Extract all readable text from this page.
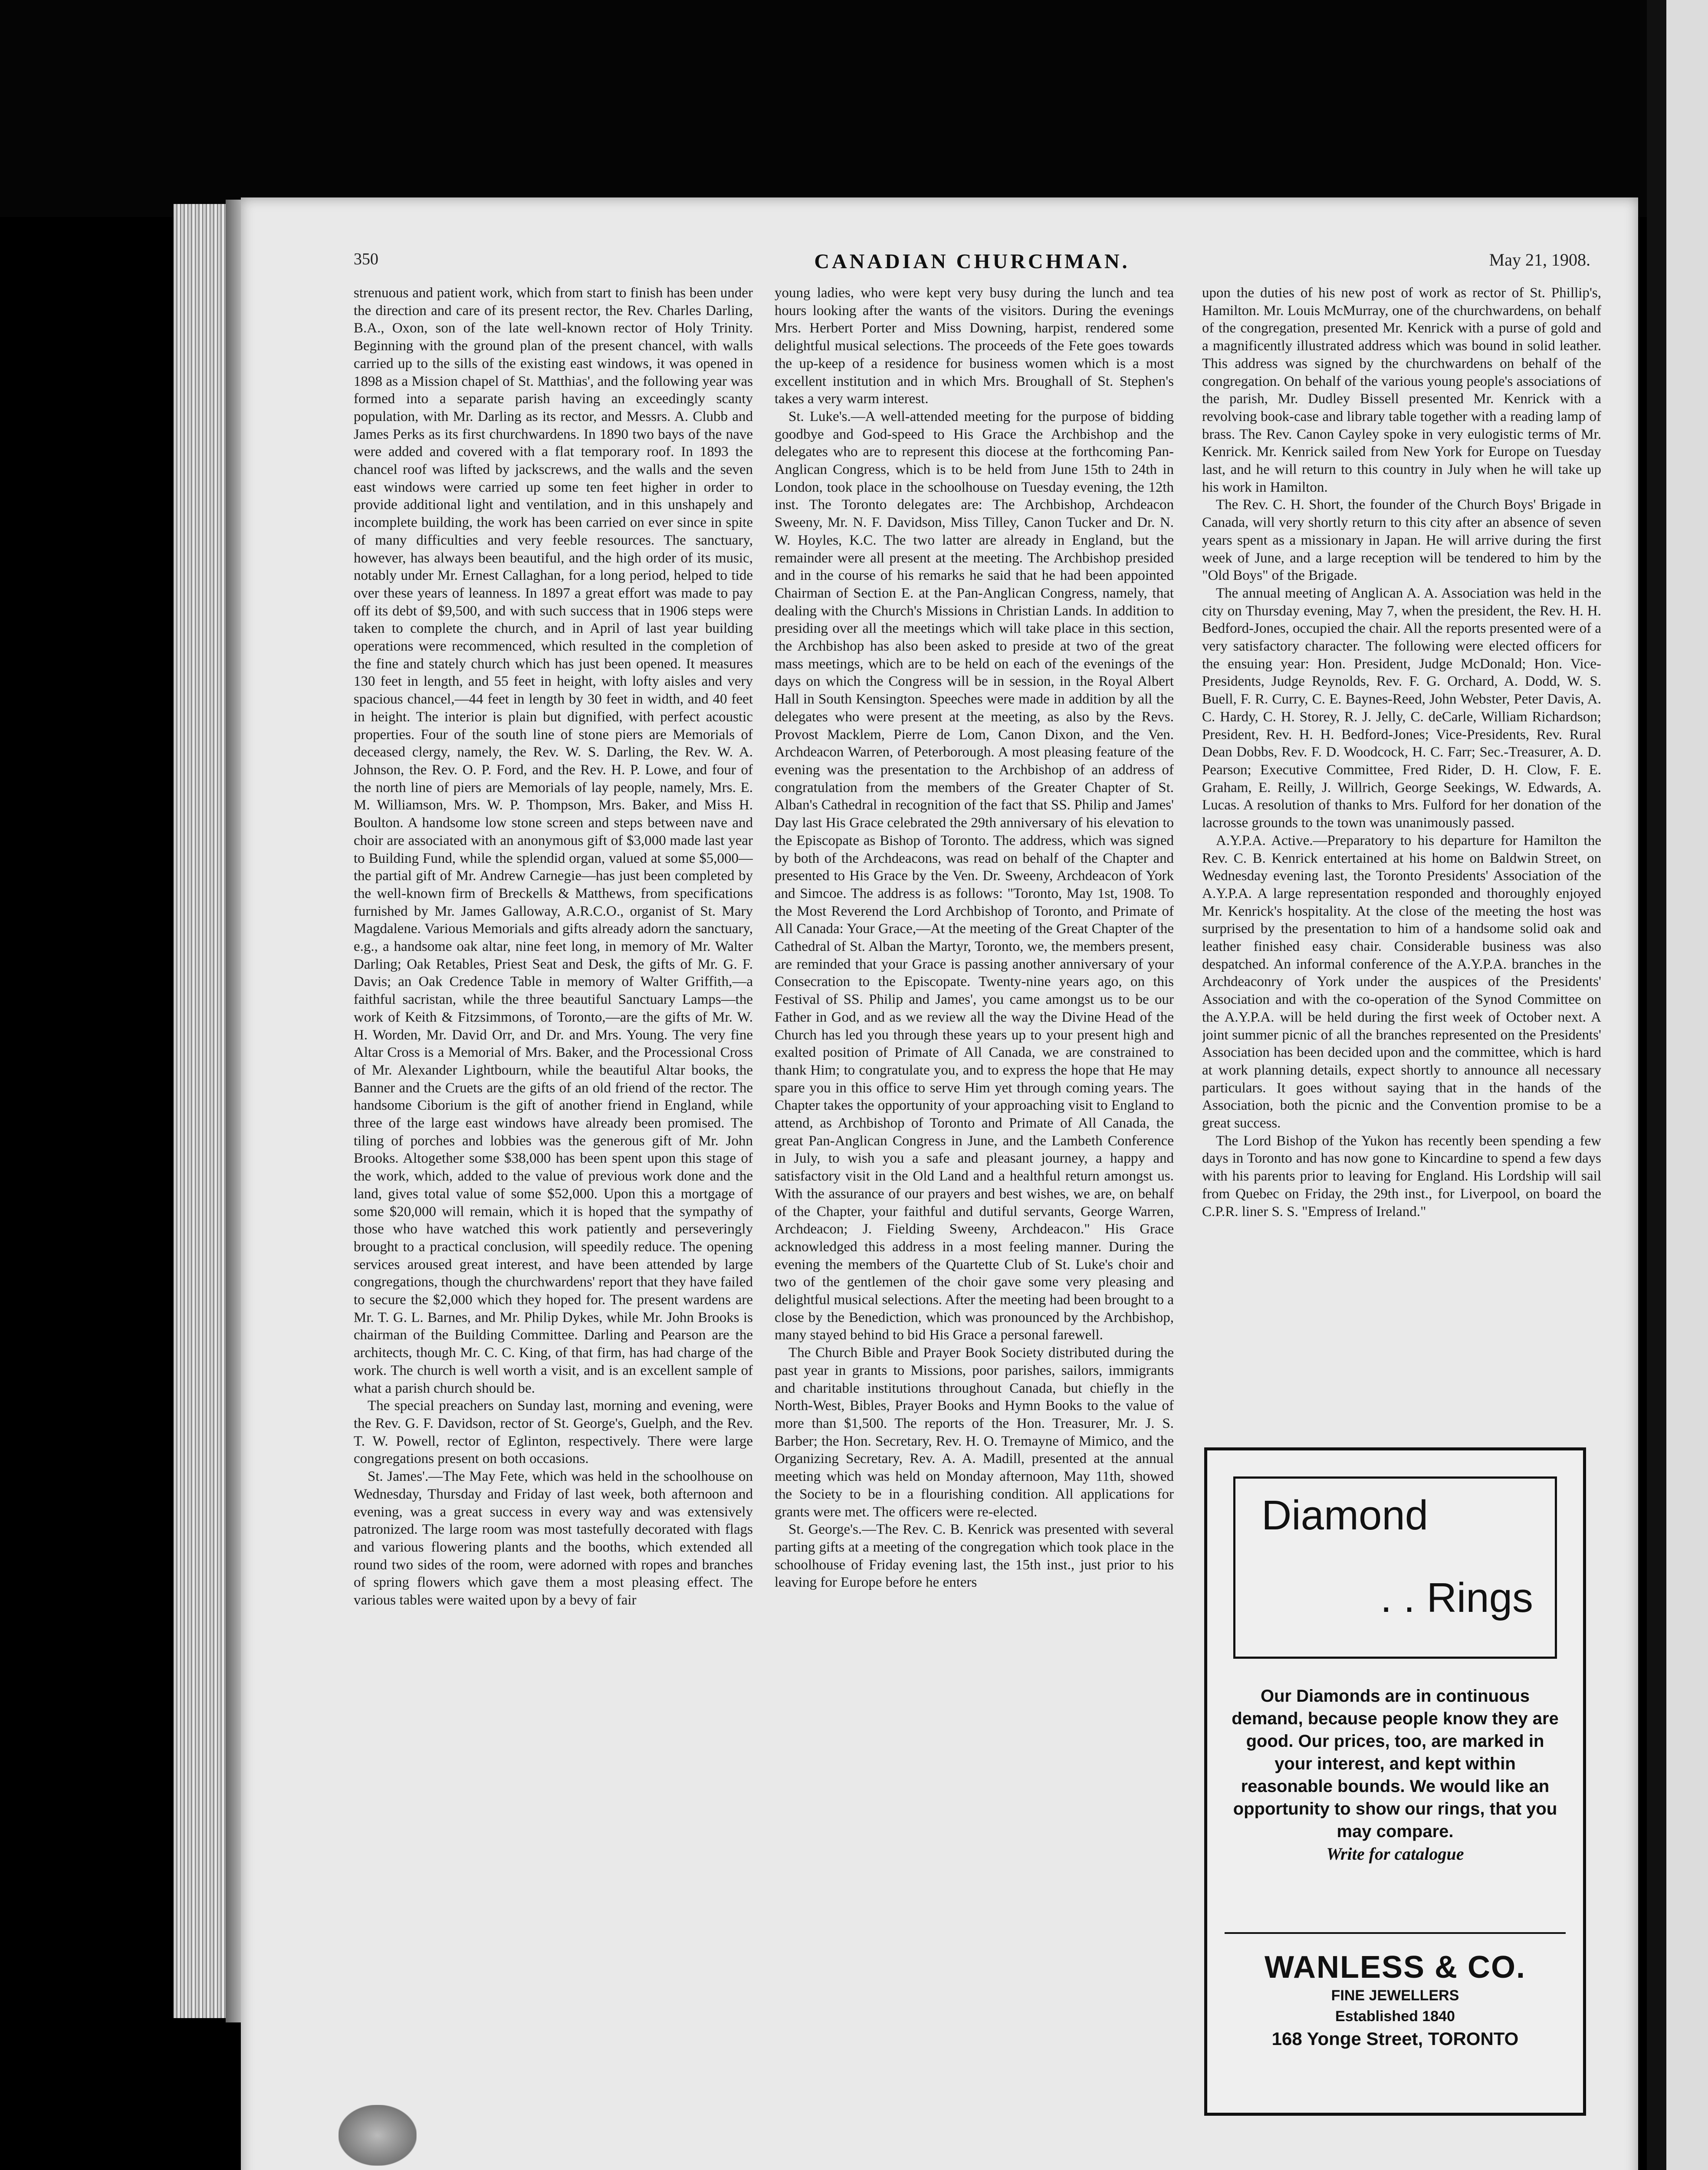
350	CANADIAN CHURCHMAN.	May 21, 1908.

strenuous and patient work, which from start to finish has been under the direction and care of its present rector, the Rev. Charles Darling, B.A., Oxon, son of the late well-known rector of Holy Trinity. Beginning with the ground plan of the present chancel, with walls carried up to the sills of the existing east windows, it was opened in 1898 as a Mission chapel of St. Matthias', and the following year was formed into a separate parish having an exceedingly scanty population, with Mr. Darling as its rector, and Messrs. A. Clubb and James Perks as its first churchwardens. In 1890 two bays of the nave were added and covered with a flat temporary roof. In 1893 the chancel roof was lifted by jackscrews, and the walls and the seven east windows were carried up some ten feet higher in order to provide additional light and ventilation, and in this unshapely and incomplete building, the work has been carried on ever since in spite of many difficulties and very feeble resources. The sanctuary, however, has always been beautiful, and the high order of its music, notably under Mr. Ernest Callaghan, for a long period, helped to tide over these years of leanness. In 1897 a great effort was made to pay off its debt of $9,500, and with such success that in 1906 steps were taken to complete the church, and in April of last year building operations were recommenced, which resulted in the completion of the fine and stately church which has just been opened. It measures 130 feet in length, and 55 feet in height, with lofty aisles and very spacious chancel,—44 feet in length by 30 feet in width, and 40 feet in height. The interior is plain but dignified, with perfect acoustic properties. Four of the south line of stone piers are Memorials of deceased clergy, namely, the Rev. W. S. Darling, the Rev. W. A. Johnson, the Rev. O. P. Ford, and the Rev. H. P. Lowe, and four of the north line of piers are Memorials of lay people, namely, Mrs. E. M. Williamson, Mrs. W. P. Thompson, Mrs. Baker, and Miss H. Boulton. A handsome low stone screen and steps between nave and choir are associated with an anonymous gift of $3,000 made last year to Building Fund, while the splendid organ, valued at some $5,000—the partial gift of Mr. Andrew Carnegie—has just been completed by the well-known firm of Breckells & Matthews, from specifications furnished by Mr. James Galloway, A.R.C.O., organist of St. Mary Magdalene. Various Memorials and gifts already adorn the sanctuary, e.g., a handsome oak altar, nine feet long, in memory of Mr. Walter Darling; Oak Retables, Priest Seat and Desk, the gifts of Mr. G. F. Davis; an Oak Credence Table in memory of Walter Griffith,—a faithful sacristan, while the three beautiful Sanctuary Lamps—the work of Keith & Fitzsimmons, of Toronto,—are the gifts of Mr. W. H. Worden, Mr. David Orr, and Dr. and Mrs. Young. The very fine Altar Cross is a Memorial of Mrs. Baker, and the Processional Cross of Mr. Alexander Lightbourn, while the beautiful Altar books, the Banner and the Cruets are the gifts of an old friend of the rector. The handsome Ciborium is the gift of another friend in England, while three of the large east windows have already been promised. The tiling of porches and lobbies was the generous gift of Mr. John Brooks. Altogether some $38,000 has been spent upon this stage of the work, which, added to the value of previous work done and the land, gives total value of some $52,000. Upon this a mortgage of some $20,000 will remain, which it is hoped that the sympathy of those who have watched this work patiently and perseveringly brought to a practical conclusion, will speedily reduce. The opening services aroused great interest, and have been attended by large congregations, though the churchwardens' report that they have failed to secure the $2,000 which they hoped for. The present wardens are Mr. T. G. L. Barnes, and Mr. Philip Dykes, while Mr. John Brooks is chairman of the Building Committee. Darling and Pearson are the architects, though Mr. C. C. King, of that firm, has had charge of the work. The church is well worth a visit, and is an excellent sample of what a parish church should be.

The special preachers on Sunday last, morning and evening, were the Rev. G. F. Davidson, rector of St. George's, Guelph, and the Rev. T. W. Powell, rector of Eglinton, respectively. There were large congregations present on both occasions.

St. James'.—The May Fete, which was held in the schoolhouse on Wednesday, Thursday and Friday of last week, both afternoon and evening, was a great success in every way and was extensively patronized. The large room was most tastefully decorated with flags and various flowering plants and the booths, which extended all round two sides of the room, were adorned with ropes and branches of spring flowers which gave them a most pleasing effect. The various tables were waited upon by a bevy of fair

young ladies, who were kept very busy during the lunch and tea hours looking after the wants of the visitors. During the evenings Mrs. Herbert Porter and Miss Downing, harpist, rendered some delightful musical selections. The proceeds of the Fete goes towards the up-keep of a residence for business women which is a most excellent institution and in which Mrs. Broughall of St. Stephen's takes a very warm interest.

St. Luke's.—A well-attended meeting for the purpose of bidding goodbye and God-speed to His Grace the Archbishop and the delegates who are to represent this diocese at the forthcoming Pan-Anglican Congress, which is to be held from June 15th to 24th in London, took place in the schoolhouse on Tuesday evening, the 12th inst. The Toronto delegates are: The Archbishop, Archdeacon Sweeny, Mr. N. F. Davidson, Miss Tilley, Canon Tucker and Dr. N. W. Hoyles, K.C. The two latter are already in England, but the remainder were all present at the meeting. The Archbishop presided and in the course of his remarks he said that he had been appointed Chairman of Section E. at the Pan-Anglican Congress, namely, that dealing with the Church's Missions in Christian Lands. In addition to presiding over all the meetings which will take place in this section, the Archbishop has also been asked to preside at two of the great mass meetings, which are to be held on each of the evenings of the days on which the Congress will be in session, in the Royal Albert Hall in South Kensington. Speeches were made in addition by all the delegates who were present at the meeting, as also by the Revs. Provost Macklem, Pierre de Lom, Canon Dixon, and the Ven. Archdeacon Warren, of Peterborough. A most pleasing feature of the evening was the presentation to the Archbishop of an address of congratulation from the members of the Greater Chapter of St. Alban's Cathedral in recognition of the fact that SS. Philip and James' Day last His Grace celebrated the 29th anniversary of his elevation to the Episcopate as Bishop of Toronto. The address, which was signed by both of the Archdeacons, was read on behalf of the Chapter and presented to His Grace by the Ven. Dr. Sweeny, Archdeacon of York and Simcoe. The address is as follows: "Toronto, May 1st, 1908. To the Most Reverend the Lord Archbishop of Toronto, and Primate of All Canada: Your Grace,—At the meeting of the Great Chapter of the Cathedral of St. Alban the Martyr, Toronto, we, the members present, are reminded that your Grace is passing another anniversary of your Consecration to the Episcopate. Twenty-nine years ago, on this Festival of SS. Philip and James', you came amongst us to be our Father in God, and as we review all the way the Divine Head of the Church has led you through these years up to your present high and exalted position of Primate of All Canada, we are constrained to thank Him; to congratulate you, and to express the hope that He may spare you in this office to serve Him yet through coming years. The Chapter takes the opportunity of your approaching visit to England to attend, as Archbishop of Toronto and Primate of All Canada, the great Pan-Anglican Congress in June, and the Lambeth Conference in July, to wish you a safe and pleasant journey, a happy and satisfactory visit in the Old Land and a healthful return amongst us. With the assurance of our prayers and best wishes, we are, on behalf of the Chapter, your faithful and dutiful servants, George Warren, Archdeacon; J. Fielding Sweeny, Archdeacon." His Grace acknowledged this address in a most feeling manner. During the evening the members of the Quartette Club of St. Luke's choir and two of the gentlemen of the choir gave some very pleasing and delightful musical selections. After the meeting had been brought to a close by the Benediction, which was pronounced by the Archbishop, many stayed behind to bid His Grace a personal farewell.

The Church Bible and Prayer Book Society distributed during the past year in grants to Missions, poor parishes, sailors, immigrants and charitable institutions throughout Canada, but chiefly in the North-West, Bibles, Prayer Books and Hymn Books to the value of more than $1,500. The reports of the Hon. Treasurer, Mr. J. S. Barber; the Hon. Secretary, Rev. H. O. Tremayne of Mimico, and the Organizing Secretary, Rev. A. A. Madill, presented at the annual meeting which was held on Monday afternoon, May 11th, showed the Society to be in a flourishing condition. All applications for grants were met. The officers were re-elected.

St. George's.—The Rev. C. B. Kenrick was presented with several parting gifts at a meeting of the congregation which took place in the schoolhouse of Friday evening last, the 15th inst., just prior to his leaving for Europe before he enters

upon the duties of his new post of work as rector of St. Phillip's, Hamilton. Mr. Louis McMurray, one of the churchwardens, on behalf of the congregation, presented Mr. Kenrick with a purse of gold and a magnificently illustrated address which was bound in solid leather. This address was signed by the churchwardens on behalf of the congregation. On behalf of the various young people's associations of the parish, Mr. Dudley Bissell presented Mr. Kenrick with a revolving book-case and library table together with a reading lamp of brass. The Rev. Canon Cayley spoke in very eulogistic terms of Mr. Kenrick. Mr. Kenrick sailed from New York for Europe on Tuesday last, and he will return to this country in July when he will take up his work in Hamilton.

The Rev. C. H. Short, the founder of the Church Boys' Brigade in Canada, will very shortly return to this city after an absence of seven years spent as a missionary in Japan. He will arrive during the first week of June, and a large reception will be tendered to him by the "Old Boys" of the Brigade.

The annual meeting of Anglican A. A. Association was held in the city on Thursday evening, May 7, when the president, the Rev. H. H. Bedford-Jones, occupied the chair. All the reports presented were of a very satisfactory character. The following were elected officers for the ensuing year: Hon. President, Judge McDonald; Hon. Vice-Presidents, Judge Reynolds, Rev. F. G. Orchard, A. Dodd, W. S. Buell, F. R. Curry, C. E. Baynes-Reed, John Webster, Peter Davis, A. C. Hardy, C. H. Storey, R. J. Jelly, C. deCarle, William Richardson; President, Rev. H. H. Bedford-Jones; Vice-Presidents, Rev. Rural Dean Dobbs, Rev. F. D. Woodcock, H. C. Farr; Sec.-Treasurer, A. D. Pearson; Executive Committee, Fred Rider, D. H. Clow, F. E. Graham, E. Reilly, J. Willrich, George Seekings, W. Edwards, A. Lucas. A resolution of thanks to Mrs. Fulford for her donation of the lacrosse grounds to the town was unanimously passed.

A.Y.P.A. Active.—Preparatory to his departure for Hamilton the Rev. C. B. Kenrick entertained at his home on Baldwin Street, on Wednesday evening last, the Toronto Presidents' Association of the A.Y.P.A. A large representation responded and thoroughly enjoyed Mr. Kenrick's hospitality. At the close of the meeting the host was surprised by the presentation to him of a handsome solid oak and leather finished easy chair. Considerable business was also despatched. An informal conference of the A.Y.P.A. branches in the Archdeaconry of York under the auspices of the Presidents' Association and with the co-operation of the Synod Committee on the A.Y.P.A. will be held during the first week of October next. A joint summer picnic of all the branches represented on the Presidents' Association has been decided upon and the committee, which is hard at work planning details, expect shortly to announce all necessary particulars. It goes without saying that in the hands of the Association, both the picnic and the Convention promise to be a great success.

The Lord Bishop of the Yukon has recently been spending a few days in Toronto and has now gone to Kincardine to spend a few days with his parents prior to leaving for England. His Lordship will sail from Quebec on Friday, the 29th inst., for Liverpool, on board the C.P.R. liner S. S. "Empress of Ireland."

Diamond
. . Rings
Our Diamonds are in continuous demand, because people know they are good. Our prices, too, are marked in your interest, and kept within reasonable bounds. We would like an opportunity to show our rings, that you may compare.
Write for catalogue
WANLESS & CO.
FINE JEWELLERS
Established 1840
168 Yonge Street, TORONTO
